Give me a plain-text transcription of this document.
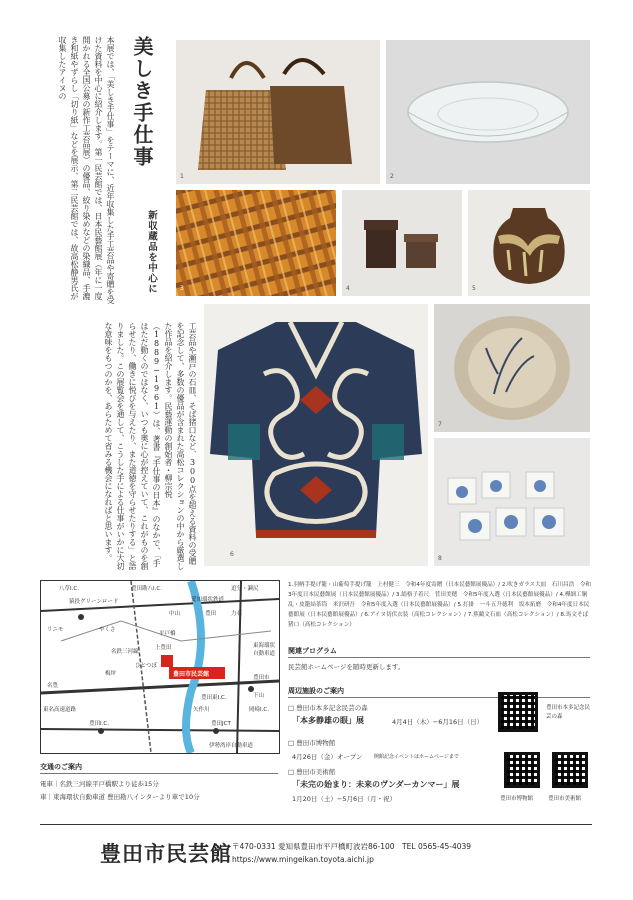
美しき手仕事
新収蔵品を中心に
本展では、「美しき手仕事」をテーマに、近年収集した手工芸品や寄贈を受けた資料を中心に紹介します。第一民芸館では、日本民藝館展（年に一度開かれる全国公募の新作工芸品展）の優品、絞り染めなどの染織品、手漉き和紙やずらし「切り紙」などを展示、第二民芸館では、故高松静男氏が収集したアイヌの
1	2
3	4	5
工芸品や瀬戸の石皿、そば猪口など、300点を超える資料の受贈を記念して、多数の優品が含まれた高松コレクションの中から厳選した作品を紹介します。民藝運動の創始者・柳宗悦（1889−1961）は、著書『手仕事の日本』のなかで、「手はただ動くのではなく、いつも奥に心が控えていて、これがものを創らせたり、働きに悦びを与えたり、また道徳を守らせたりする」と語りました。この展覧会を通して、こうした手による仕事がいかに大切な意味をもつのかを、あらためて省みる機会になればと思います。	6
7
8
八草I.C.
猿投グリーンロード
豊田勘八I.C.	追分・瀬尻
愛知環状鉄道
中山	豊田	力石
リニモ	やくさ
ひとつぼ
名鉄三河線
平戸橋
上豊田
梅坪
豊田市
豊田市民芸館
名豊
東名高速道路
豊田I.C.	豊田JCT
岡崎I.C.
伊勢湾岸自動車道
矢作川
豊田東I.C.
東海環状自動車道
下山
1.羽柄手提げ籠・山葡萄手提げ籠　上村健三　令和4年度寄贈（日本民藝館展優品）/ 2.吹きガラス大皿　石川昌浩　令和3年度日本民藝館展（日本民藝館展優品）/ 3.絹格子着尺　菅田美穂　令和5年度入選（日本民藝館展優品）/ 4.樺細工胴乱・皮籠結茶筒　米沢研吾　令和5年度入選（日本民藝館展優品）/ 5.打掛　一斗五升徳利　坂本拓磨　令和4年度日本民藝館展（日本民藝館展優品）/ 6.アイヌ切伏衣装（高松コレクション）/ 7.蕉藺文石皿（高松コレクション）/ 8.馬文そば猪口（高松コレクション）
関連プログラム
民芸館ホームページを随時更新します。
周辺施設のご案内
□ 豊田市本多記念民芸の森
「本多静雄の眼」展	4月4日（木）−6月16日（日）
豊田市本多記念民芸の森
□ 豊田市博物館
4月26日（金）オープン 開館記念イベントはホームページまで
□ 豊田市美術館
「未完の始まり：未来のヴンダーカンマー」展
1月20日（土）−5月6日（月・祝）	豊田市博物館	豊田市美術館
交通のご案内
電車｜名鉄三河線平戸橋駅より徒歩15分
車｜東海環状自動車道 豊田勘八インターより車で10分
豊田市民芸館 〒470-0331 愛知県豊田市平戸橋町波岩86-100　TEL 0565-45-4039
https://www.mingeikan.toyota.aichi.jp
